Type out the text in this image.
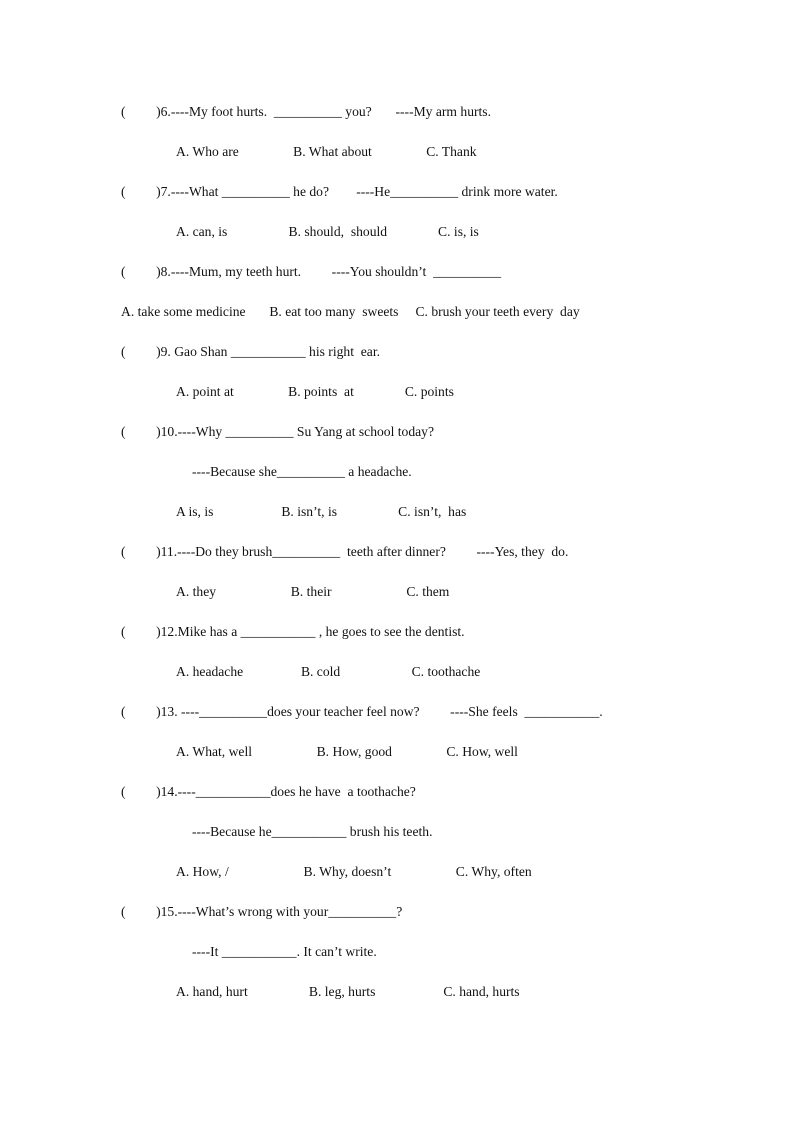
(         )6.----My foot hurts.  __________ you?       ----My arm hurts.
A. Who are                B. What about                C. Thank
(         )7.----What __________ he do?        ----He__________ drink more water.
A. can, is                  B. should,  should               C. is, is
(         )8.----Mum, my teeth hurt.         ----You shouldn’t  __________
A. take some medicine       B. eat too many  sweets     C. brush your teeth every  day
(         )9. Gao Shan ___________ his right  ear.
A. point at                B. points  at               C. points
(         )10.----Why __________ Su Yang at school today?
----Because she__________ a headache.
A is, is                    B. isn’t, is                  C. isn’t,  has
(         )11.----Do they brush__________  teeth after dinner?         ----Yes, they  do.
A. they                      B. their                      C. them
(         )12.Mike has a ___________ , he goes to see the dentist.
A. headache                 B. cold                     C. toothache
(         )13. ----__________does your teacher feel now?         ----She feels  ___________.
A. What, well                   B. How, good                C. How, well
(         )14.----___________does he have  a toothache?
----Because he___________ brush his teeth.
A. How, /                      B. Why, doesn’t                   C. Why, often
(         )15.----What’s wrong with your__________?
----It ___________. It can’t write.
A. hand, hurt                  B. leg, hurts                    C. hand, hurts
